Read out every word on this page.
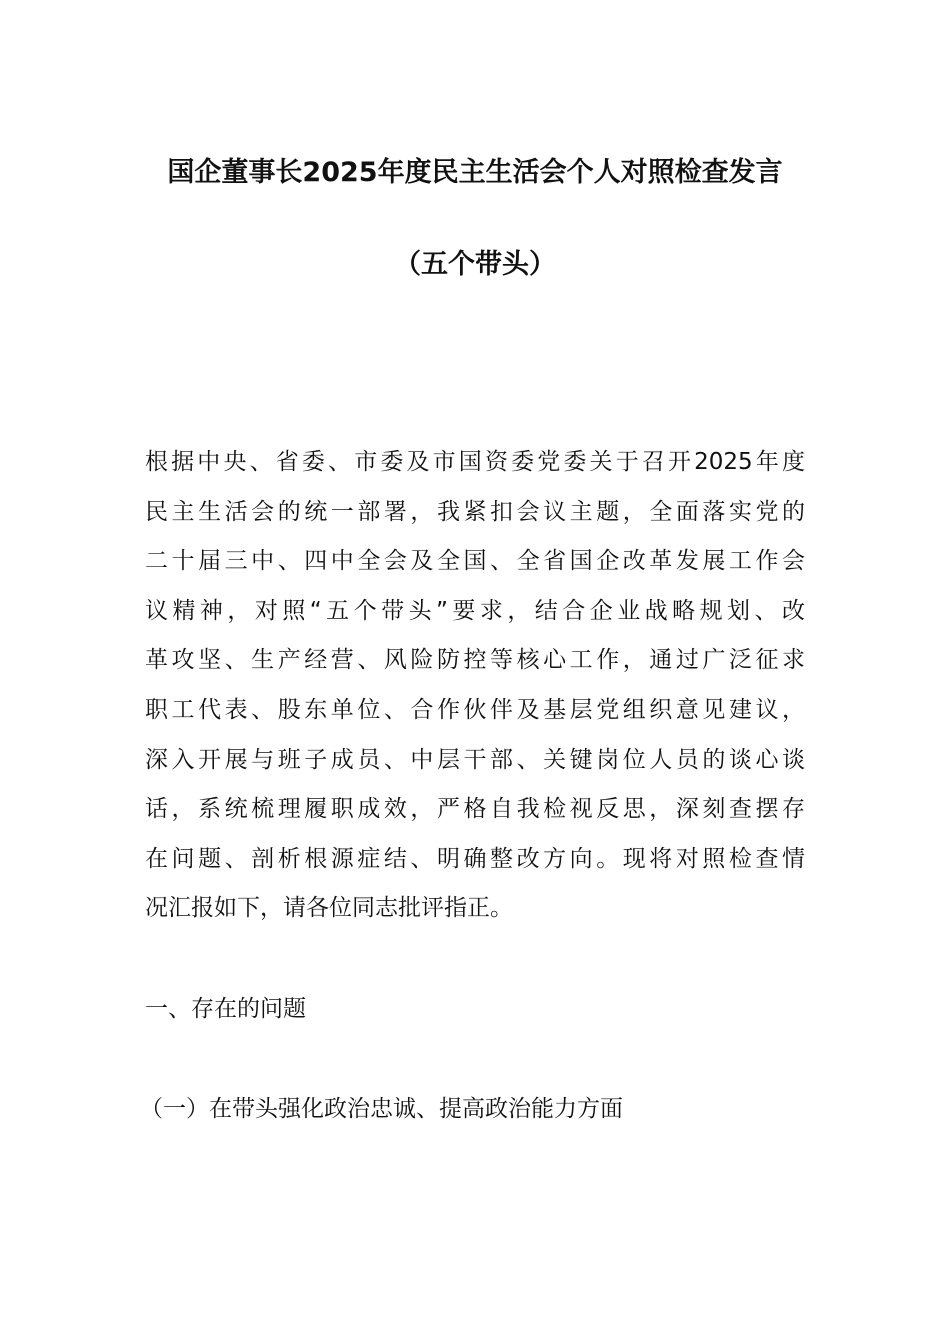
国企董事长2025年度民主生活会个人对照检查发言
（五个带头）
根据中央、省委、市委及市国资委党委关于召开2025年度
民主生活会的统一部署，我紧扣会议主题，全面落实党的
二十届三中、四中全会及全国、全省国企改革发展工作会
议精神，对照“五个带头”要求，结合企业战略规划、改
革攻坚、生产经营、风险防控等核心工作，通过广泛征求
职工代表、股东单位、合作伙伴及基层党组织意见建议，
深入开展与班子成员、中层干部、关键岗位人员的谈心谈
话，系统梳理履职成效，严格自我检视反思，深刻查摆存
在问题、剖析根源症结、明确整改方向。现将对照检查情
况汇报如下，请各位同志批评指正。
一、存在的问题
（一）在带头强化政治忠诚、提高政治能力方面
